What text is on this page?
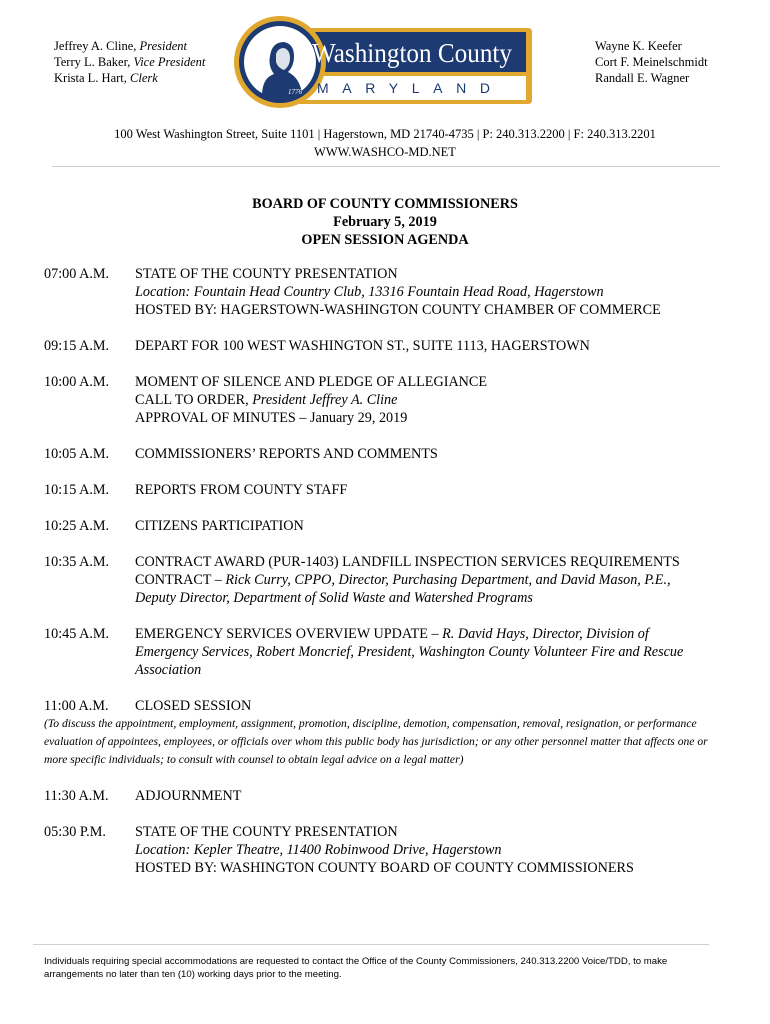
Jeffrey A. Cline, President
Terry L. Baker, Vice President
Krista L. Hart, Clerk
1776
Washington County
MARYLAND
Wayne K. Keefer
Cort F. Meinelschmidt
Randall E. Wagner
100 West Washington Street, Suite 1101 | Hagerstown, MD 21740-4735 | P: 240.313.2200 | F: 240.313.2201
WWW.WASHCO-MD.NET
BOARD OF COUNTY COMMISSIONERS
February 5, 2019
OPEN SESSION AGENDA
07:00 A.M.	STATE OF THE COUNTY PRESENTATION
Location: Fountain Head Country Club, 13316 Fountain Head Road, Hagerstown
HOSTED BY: HAGERSTOWN-WASHINGTON COUNTY CHAMBER OF COMMERCE
09:15 A.M.	DEPART FOR 100 WEST WASHINGTON ST., SUITE 1113, HAGERSTOWN
10:00 A.M.	MOMENT OF SILENCE AND PLEDGE OF ALLEGIANCE
CALL TO ORDER, President Jeffrey A. Cline
APPROVAL OF MINUTES – January 29, 2019
10:05 A.M.	COMMISSIONERS’ REPORTS AND COMMENTS
10:15 A.M.	REPORTS FROM COUNTY STAFF
10:25 A.M.	CITIZENS PARTICIPATION
10:35 A.M.	CONTRACT AWARD (PUR-1403) LANDFILL INSPECTION SERVICES REQUIREMENTS
CONTRACT – Rick Curry, CPPO, Director, Purchasing Department, and David Mason, P.E.,
Deputy Director, Department of Solid Waste and Watershed Programs
10:45 A.M.	EMERGENCY SERVICES OVERVIEW UPDATE – R. David Hays, Director, Division of
Emergency Services, Robert Moncrief, President, Washington County Volunteer Fire and Rescue
Association
11:00 A.M.	CLOSED SESSION
(To discuss the appointment, employment, assignment, promotion, discipline, demotion, compensation, removal, resignation, or performance evaluation of appointees, employees, or officials over whom this public body has jurisdiction; or any other personnel matter that affects one or more specific individuals; to consult with counsel to obtain legal advice on a legal matter)
11:30 A.M.	ADJOURNMENT
05:30 P.M.	STATE OF THE COUNTY PRESENTATION
Location: Kepler Theatre, 11400 Robinwood Drive, Hagerstown
HOSTED BY: WASHINGTON COUNTY BOARD OF COUNTY COMMISSIONERS
Individuals requiring special accommodations are requested to contact the Office of the County Commissioners, 240.313.2200 Voice/TDD, to make arrangements no later than ten (10) working days prior to the meeting.
